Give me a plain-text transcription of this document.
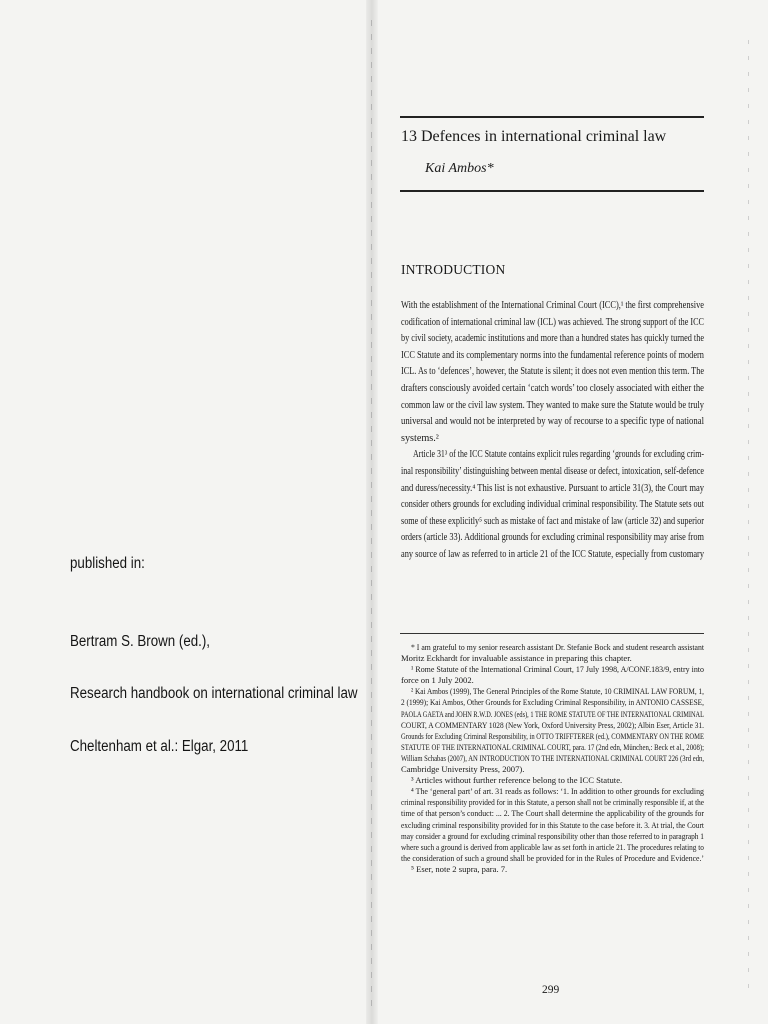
published in:
Bertram S. Brown (ed.),
Research handbook on international criminal law
Cheltenham et al.: Elgar, 2011
13 Defences in international criminal law
Kai Ambos*
INTRODUCTION
With the establishment of the International Criminal Court (ICC),¹ the first comprehensive
codification of international criminal law (ICL) was achieved. The strong support of the ICC
by civil society, academic institutions and more than a hundred states has quickly turned the
ICC Statute and its complementary norms into the fundamental reference points of modern
ICL. As to ‘defences’, however, the Statute is silent; it does not even mention this term. The
drafters consciously avoided certain ‘catch words’ too closely associated with either the
common law or the civil law system. They wanted to make sure the Statute would be truly
universal and would not be interpreted by way of recourse to a specific type of national
systems.²
Article 31³ of the ICC Statute contains explicit rules regarding ‘grounds for excluding crim-
inal responsibility’ distinguishing between mental disease or defect, intoxication, self-defence
and duress/necessity.⁴ This list is not exhaustive. Pursuant to article 31(3), the Court may
consider others grounds for excluding individual criminal responsibility. The Statute sets out
some of these explicitly⁵ such as mistake of fact and mistake of law (article 32) and superior
orders (article 33). Additional grounds for excluding criminal responsibility may arise from
any source of law as referred to in article 21 of the ICC Statute, especially from customary
* I am grateful to my senior research assistant Dr. Stefanie Bock and student research assistant
Moritz Eckhardt for invaluable assistance in preparing this chapter.
¹ Rome Statute of the International Criminal Court, 17 July 1998, A/CONF.183/9, entry into
force on 1 July 2002.
² Kai Ambos (1999), The General Principles of the Rome Statute, 10 CRIMINAL LAW FORUM, 1,
2 (1999); Kai Ambos, Other Grounds for Excluding Criminal Responsibility, in ANTONIO CASSESE,
PAOLA GAETA and JOHN R.W.D. JONES (eds), 1 THE ROME STATUTE OF THE INTERNATIONAL CRIMINAL
COURT, A COMMENTARY 1028 (New York, Oxford University Press, 2002); Albin Eser, Article 31.
Grounds for Excluding Criminal Responsibility, in OTTO TRIFFTERER (ed.), COMMENTARY ON THE ROME
STATUTE OF THE INTERNATIONAL CRIMINAL COURT, para. 17 (2nd edn, München,: Beck et al., 2008);
William Schabas (2007), AN INTRODUCTION TO THE INTERNATIONAL CRIMINAL COURT 226 (3rd edn,
Cambridge University Press, 2007).
³ Articles without further reference belong to the ICC Statute.
⁴ The ‘general part’ of art. 31 reads as follows: ‘1. In addition to other grounds for excluding
criminal responsibility provided for in this Statute, a person shall not be criminally responsible if, at the
time of that person’s conduct: ... 2. The Court shall determine the applicability of the grounds for
excluding criminal responsibility provided for in this Statute to the case before it. 3. At trial, the Court
may consider a ground for excluding criminal responsibility other than those referred to in paragraph 1
where such a ground is derived from applicable law as set forth in article 21. The procedures relating to
the consideration of such a ground shall be provided for in the Rules of Procedure and Evidence.’
⁵ Eser, note 2 supra, para. 7.
299
